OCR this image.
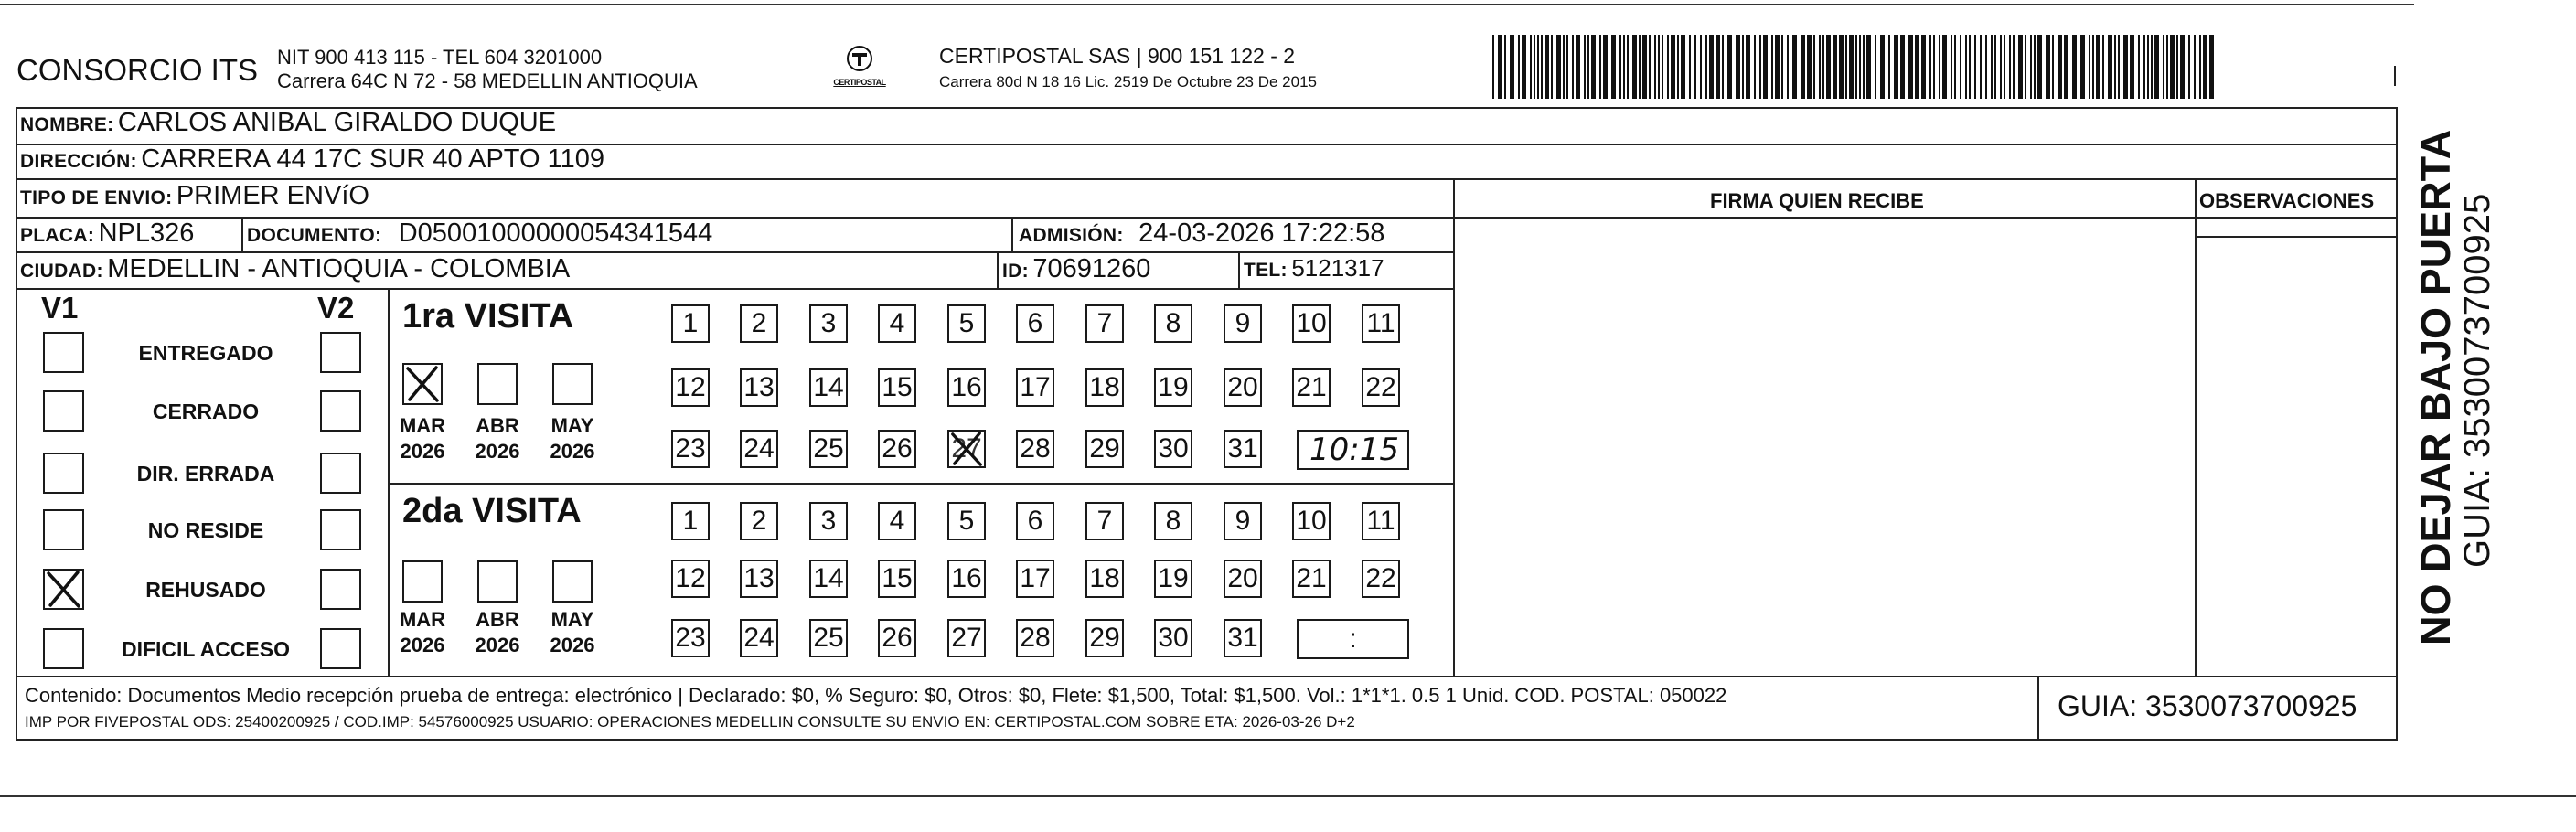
CONSORCIO ITS NIT 900 413 115 - TEL 604 3201000
Carrera 64C N 72 - 58 MEDELLIN ANTIOQUIA	CERTIPOSTAL
CERTIPOSTAL SAS | 900 151 122 - 2
Carrera 80d N 18 16 Lic. 2519 De Octubre 23 De 2015
NOMBRE: CARLOS ANIBAL GIRALDO DUQUE
DIRECCIÓN: CARRERA 44 17C SUR 40 APTO 1109
TIPO DE ENVIO: PRIMER ENVíO	FIRMA QUIEN RECIBE	OBSERVACIONES
PLACA: NPL326	DOCUMENTO: D05001000000054341544	ADMISIÓN: 24-03-2026 17:22:58
CIUDAD: MEDELLIN - ANTIOQUIA - COLOMBIA	ID: 70691260	TEL: 5121317
V1	V2 1ra VISITA
2da VISITA
Contenido: Documentos Medio recepción prueba de entrega: electrónico | Declarado: $0, % Seguro: $0, Otros: $0, Flete: $1,500, Total: $1,500. Vol.: 1*1*1. 0.5 1 Unid. COD. POSTAL: 050022
IMP POR FIVEPOSTAL ODS: 25400200925 / COD.IMP: 54576000925 USUARIO: OPERACIONES MEDELLIN CONSULTE SU ENVIO EN: CERTIPOSTAL.COM SOBRE ETA: 2026-03-26 D+2	GUIA: 3530073700925
NO DEJAR BAJO PUERTA
GUIA: 3530073700925
ENTREGADO
CERRADO
DIR. ERRADA
NO RESIDE
REHUSADO
DIFICIL ACCESO
MAR
2026
ABR
2026
MAY
2026
MAR
2026
ABR
2026
MAY
2026
1	2	3	4	5	6	7	8	9	10 11
12 13 14 15 16 17 18 19 20 21 22
23 24 25 26 27 28 29 30 31	10:15
1	2	3	4	5	6	7	8	9	10 11
12 13 14 15 16 17 18 19 20 21 22
23 24 25 26 27 28 29 30 31	:
